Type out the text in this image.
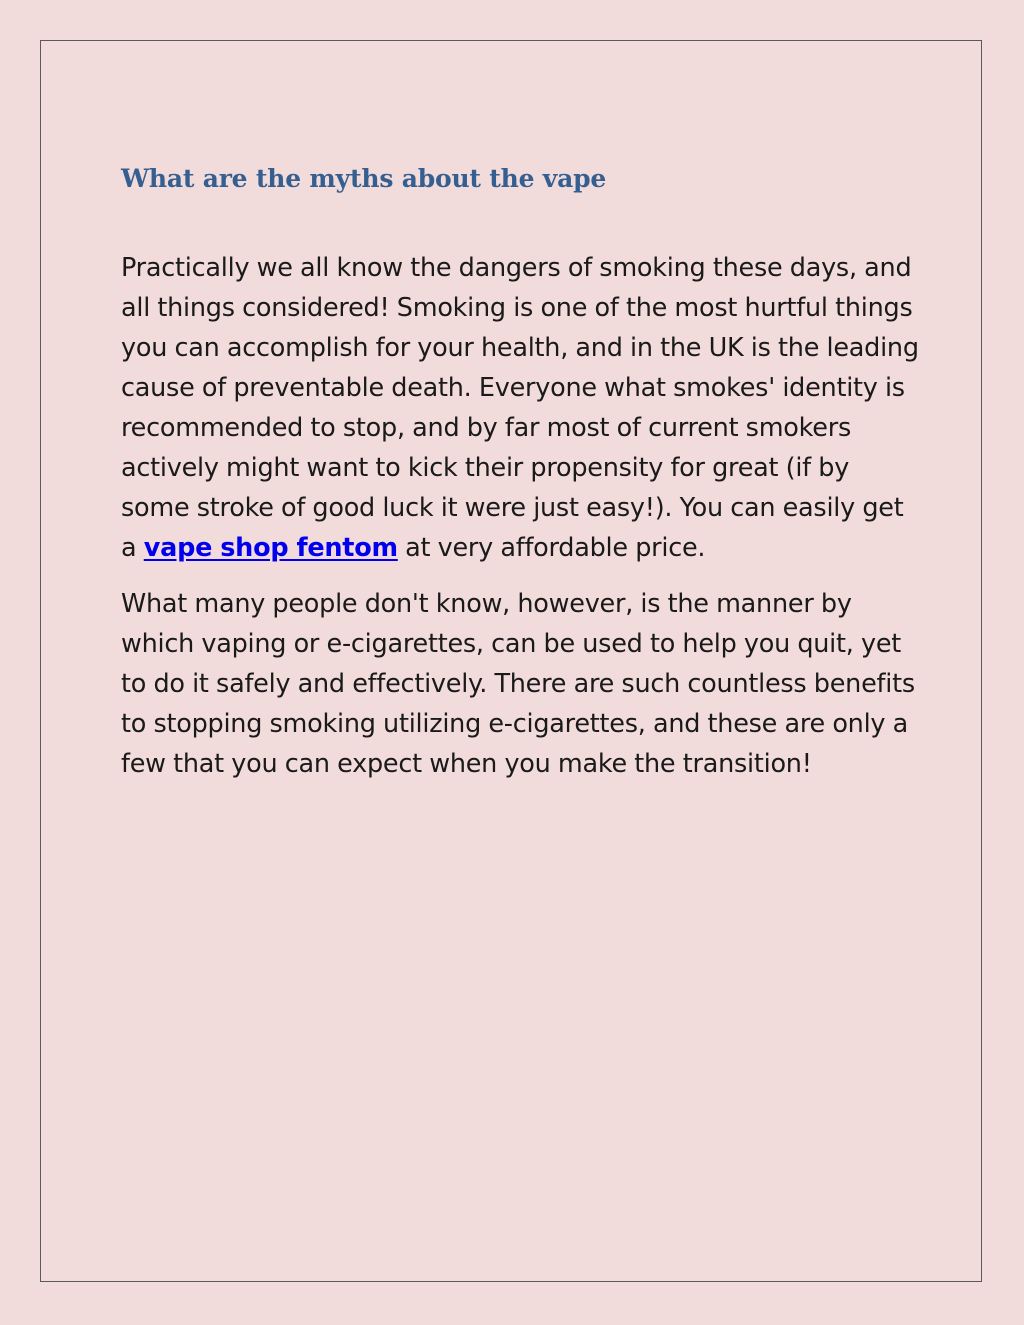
What are the myths about the vape

Practically we all know the dangers of smoking these days, and all things considered! Smoking is one of the most hurtful things you can accomplish for your health, and in the UK is the leading cause of preventable death. Everyone what smokes' identity is recommended to stop, and by far most of current smokers actively might want to kick their propensity for great (if by some stroke of good luck it were just easy!). You can easily get a vape shop fentom at very affordable price.

What many people don't know, however, is the manner by which vaping or e-cigarettes, can be used to help you quit, yet to do it safely and effectively. There are such countless benefits to stopping smoking utilizing e-cigarettes, and these are only a few that you can expect when you make the transition!
